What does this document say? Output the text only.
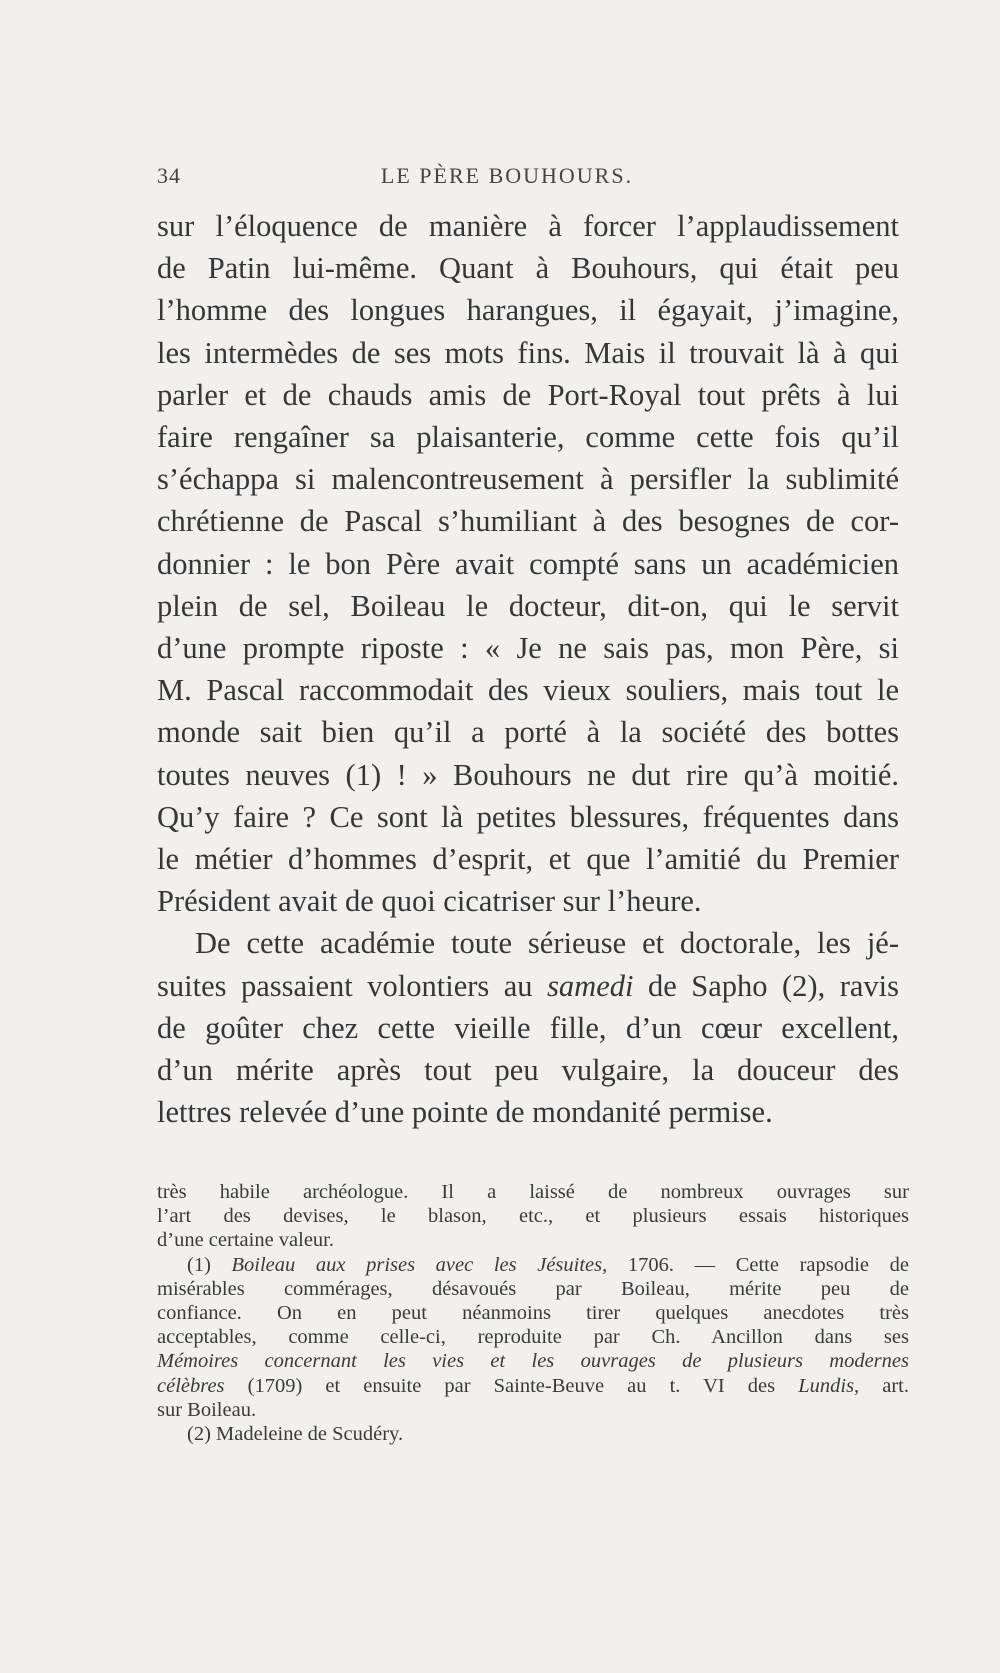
34	LE PÈRE BOUHOURS.
sur l’éloquence de manière à forcer l’applaudissement
de Patin lui-même. Quant à Bouhours, qui était peu
l’homme des longues harangues, il égayait, j’imagine,
les intermèdes de ses mots fins. Mais il trouvait là à qui
parler et de chauds amis de Port-Royal tout prêts à lui
faire rengaîner sa plaisanterie, comme cette fois qu’il
s’échappa si malencontreusement à persifler la sublimité
chrétienne de Pascal s’humiliant à des besognes de cor-
donnier : le bon Père avait compté sans un académicien
plein de sel, Boileau le docteur, dit-on, qui le servit
d’une prompte riposte : « Je ne sais pas, mon Père, si
M. Pascal raccommodait des vieux souliers, mais tout le
monde sait bien qu’il a porté à la société des bottes
toutes neuves (1) ! » Bouhours ne dut rire qu’à moitié.
Qu’y faire ? Ce sont là petites blessures, fréquentes dans
le métier d’hommes d’esprit, et que l’amitié du Premier
Président avait de quoi cicatriser sur l’heure.
De cette académie toute sérieuse et doctorale, les jé-
suites passaient volontiers au samedi de Sapho (2), ravis
de goûter chez cette vieille fille, d’un cœur excellent,
d’un mérite après tout peu vulgaire, la douceur des
lettres relevée d’une pointe de mondanité permise.
très habile archéologue. Il a laissé de nombreux ouvrages sur
l’art des devises, le blason, etc., et plusieurs essais historiques
d’une certaine valeur.
(1) Boileau aux prises avec les Jésuites, 1706. — Cette rapsodie de
misérables commérages, désavoués par Boileau, mérite peu de
confiance. On en peut néanmoins tirer quelques anecdotes très
acceptables, comme celle-ci, reproduite par Ch. Ancillon dans ses
Mémoires concernant les vies et les ouvrages de plusieurs modernes
célèbres (1709) et ensuite par Sainte-Beuve au t. VI des Lundis, art.
sur Boileau.
(2) Madeleine de Scudéry.
